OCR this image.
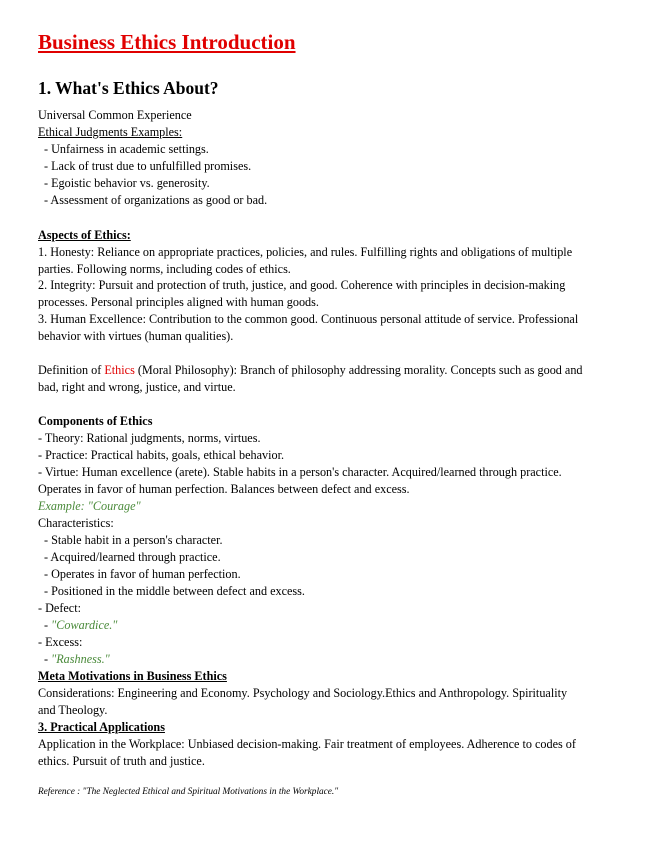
Business Ethics Introduction
1. What's Ethics About?
Universal Common Experience
Ethical Judgments Examples:
- Unfairness in academic settings.
- Lack of trust due to unfulfilled promises.
- Egoistic behavior vs. generosity.
- Assessment of organizations as good or bad.
Aspects of Ethics:
1. Honesty: Reliance on appropriate practices, policies, and rules. Fulfilling rights and obligations of multiple
parties. Following norms, including codes of ethics.
2. Integrity: Pursuit and protection of truth, justice, and good. Coherence with principles in decision-making
processes. Personal principles aligned with human goods.
3. Human Excellence: Contribution to the common good. Continuous personal attitude of service. Professional
behavior with virtues (human qualities).
Definition of Ethics (Moral Philosophy): Branch of philosophy addressing morality. Concepts such as good and
bad, right and wrong, justice, and virtue.
Components of Ethics
- Theory: Rational judgments, norms, virtues.
- Practice: Practical habits, goals, ethical behavior.
- Virtue: Human excellence (arete). Stable habits in a person's character. Acquired/learned through practice.
Operates in favor of human perfection. Balances between defect and excess.
Example: "Courage"
Characteristics:
- Stable habit in a person's character.
- Acquired/learned through practice.
- Operates in favor of human perfection.
- Positioned in the middle between defect and excess.
- Defect:
- "Cowardice."
- Excess:
- "Rashness."
Meta Motivations in Business Ethics
Considerations: Engineering and Economy. Psychology and Sociology.Ethics and Anthropology. Spirituality
and Theology.
3. Practical Applications
Application in the Workplace: Unbiased decision-making. Fair treatment of employees. Adherence to codes of
ethics. Pursuit of truth and justice.
Reference : "The Neglected Ethical and Spiritual Motivations in the Workplace."
